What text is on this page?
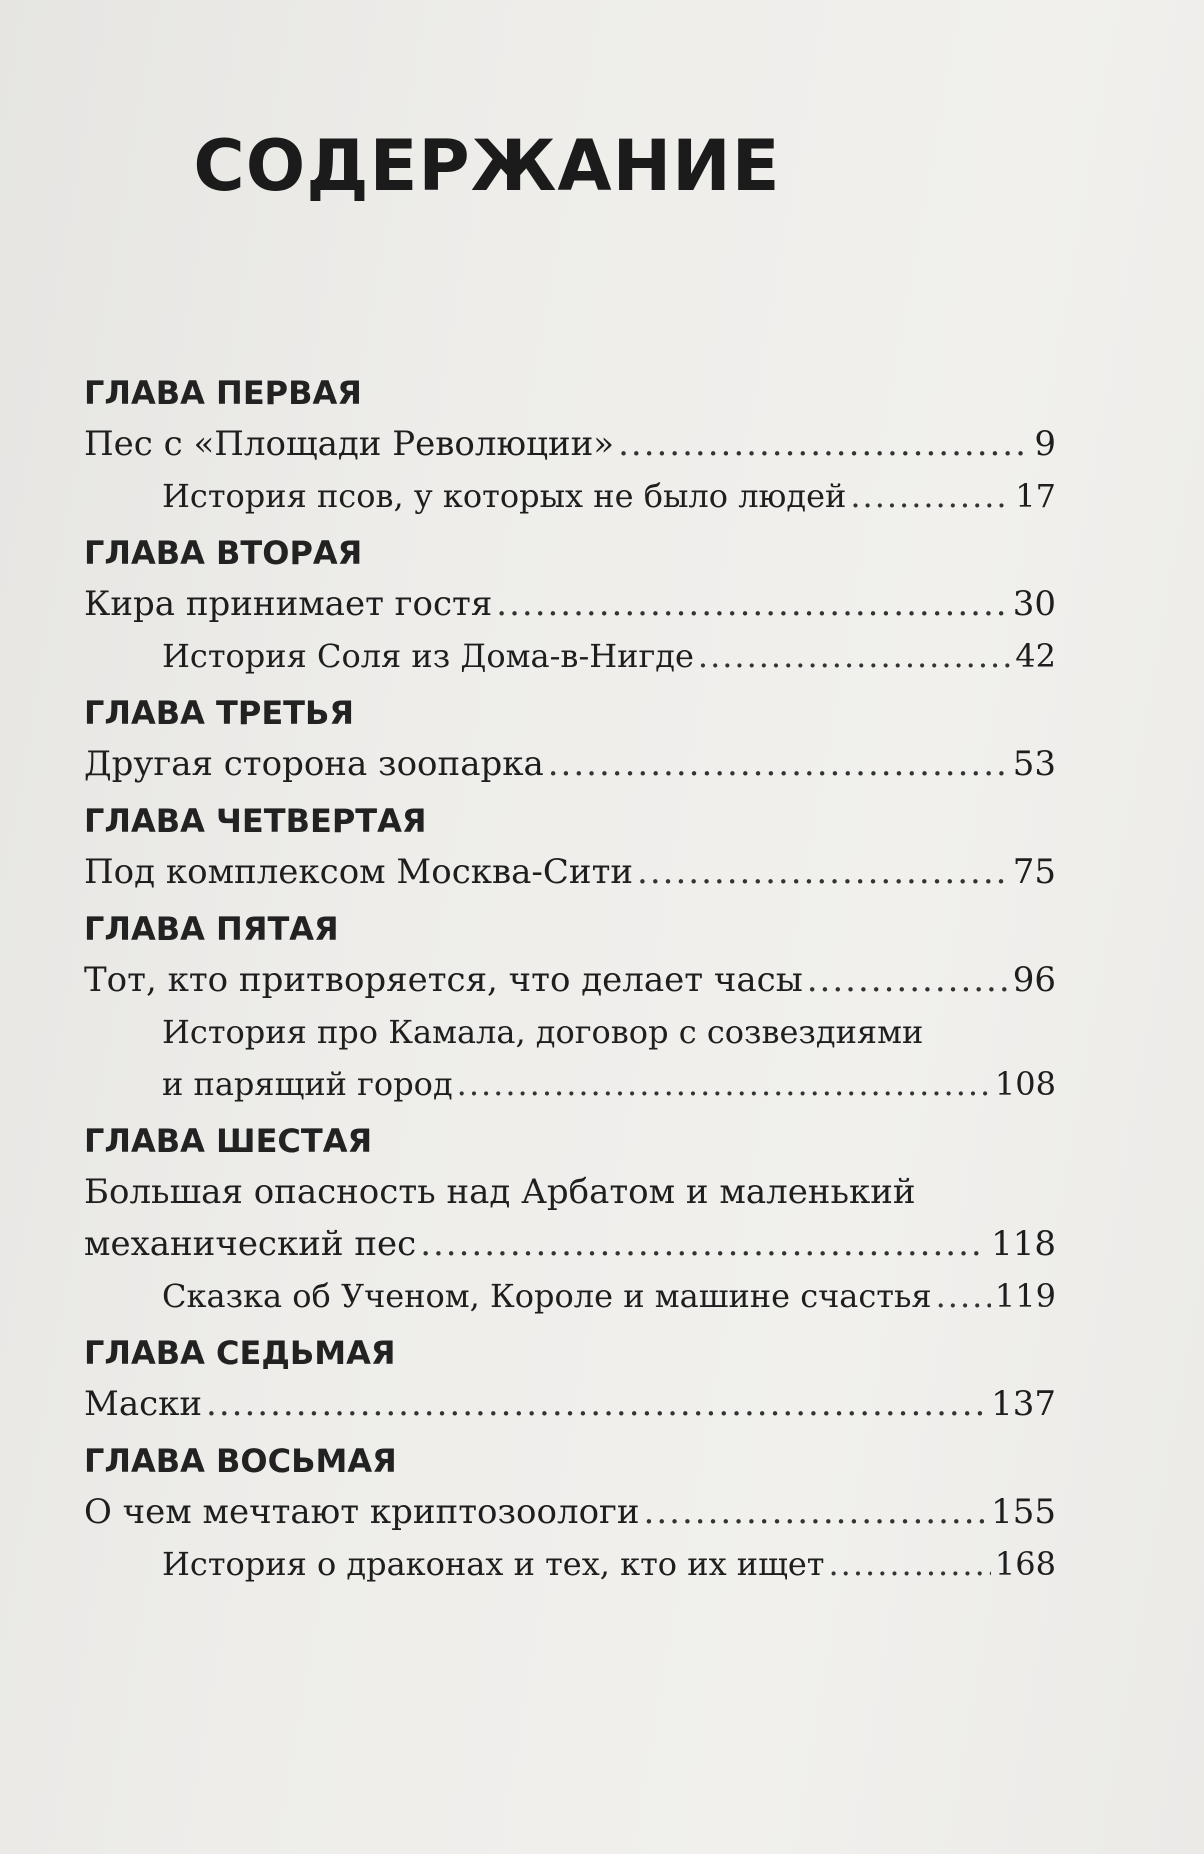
СОДЕРЖАНИЕ
ГЛАВА ПЕРВАЯ
Пес с «Площади Революции» .....	9
История псов, у которых не было людей .....	17
ГЛАВА ВТОРАЯ
Кира принимает гостя .....	30
История Соля из Дома-в-Нигде .....	42
ГЛАВА ТРЕТЬЯ
Другая сторона зоопарка .....	53
ГЛАВА ЧЕТВЕРТАЯ
Под комплексом Москва-Сити .....	75
ГЛАВА ПЯТАЯ
Тот, кто притворяется, что делает часы .....	96
История про Камала, договор с созвездиями
и парящий город .....	108
ГЛАВА ШЕСТАЯ
Большая опасность над Арбатом и маленький
механический пес .....	118
Сказка об Ученом, Короле и машине счастья ..... 119
ГЛАВА СЕДЬМАЯ
Маски .....	137
ГЛАВА ВОСЬМАЯ
О чем мечтают криптозоологи .....	155
История о драконах и тех, кто их ищет .....	168
